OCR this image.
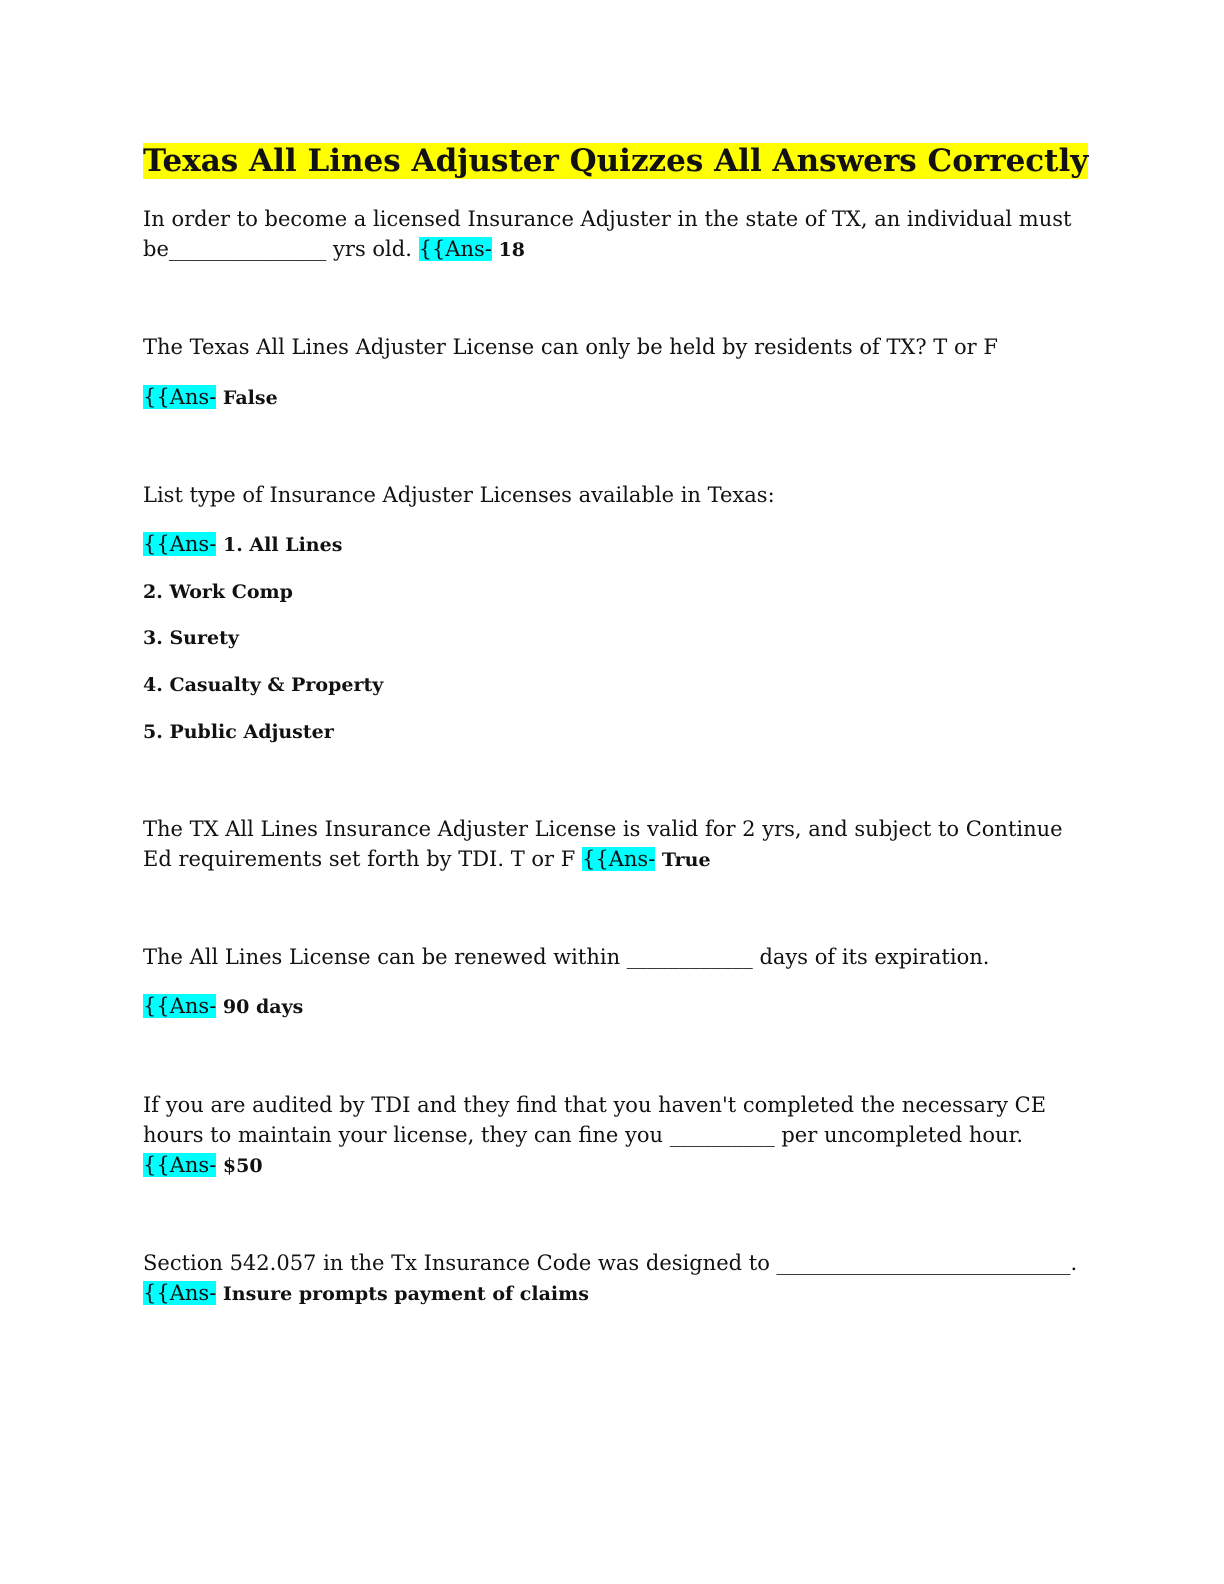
Texas All Lines Adjuster Quizzes All Answers Correctly
In order to become a licensed Insurance Adjuster in the state of TX, an individual must
be_______________ yrs old. {{Ans- 18
The Texas All Lines Adjuster License can only be held by residents of TX? T or F
{{Ans- False
List type of Insurance Adjuster Licenses available in Texas:
{{Ans- 1. All Lines
2. Work Comp
3. Surety
4. Casualty & Property
5. Public Adjuster
The TX All Lines Insurance Adjuster License is valid for 2 yrs, and subject to Continue
Ed requirements set forth by TDI. T or F {{Ans- True
The All Lines License can be renewed within ____________ days of its expiration.
{{Ans- 90 days
If you are audited by TDI and they find that you haven't completed the necessary CE
hours to maintain your license, they can fine you __________ per uncompleted hour.
{{Ans- $50
Section 542.057 in the Tx Insurance Code was designed to ____________________________.
{{Ans- Insure prompts payment of claims
